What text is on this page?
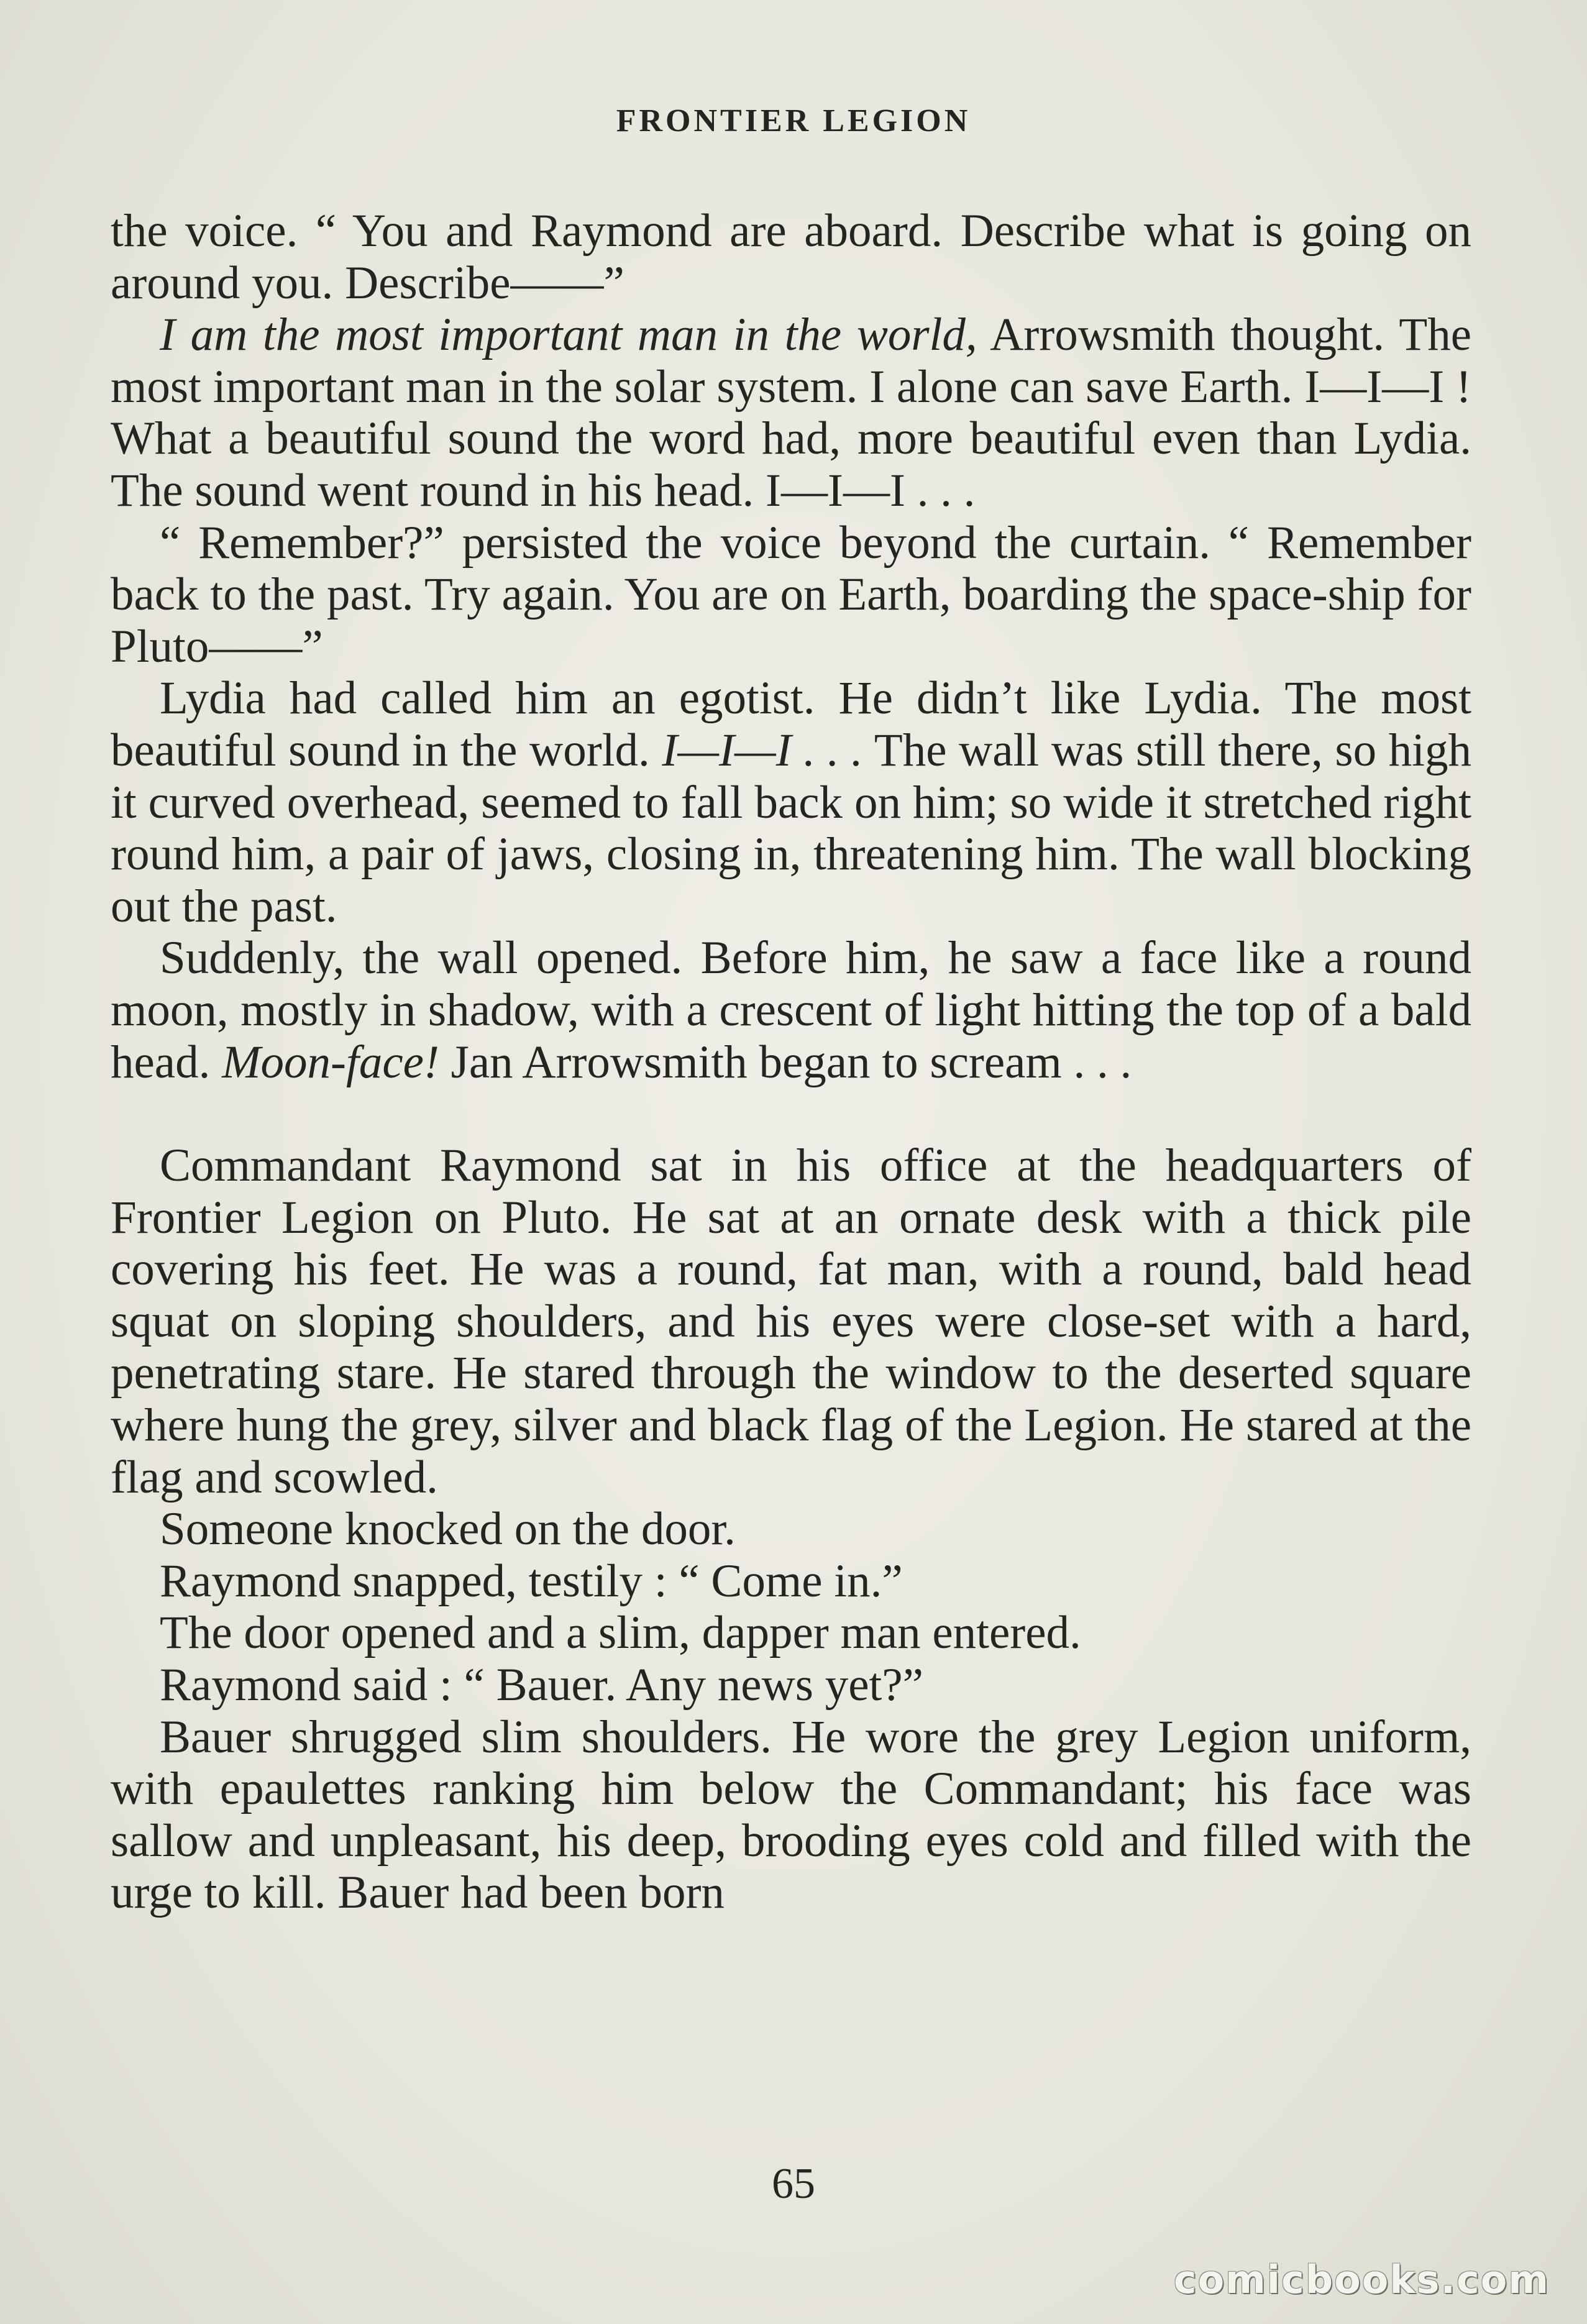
FRONTIER LEGION

the voice. “ You and Raymond are aboard. Describe what is going on around you. Describe——”

I am the most important man in the world, Arrowsmith thought. The most important man in the solar system. I alone can save Earth. I—I—I ! What a beautiful sound the word had, more beautiful even than Lydia. The sound went round in his head. I—I—I . . .

“ Remember?” persisted the voice beyond the curtain. “ Remember back to the past. Try again. You are on Earth, boarding the space-ship for Pluto——”

Lydia had called him an egotist. He didn’t like Lydia. The most beautiful sound in the world. I—I—I . . . The wall was still there, so high it curved overhead, seemed to fall back on him; so wide it stretched right round him, a pair of jaws, closing in, threatening him. The wall blocking out the past.

Suddenly, the wall opened. Before him, he saw a face like a round moon, mostly in shadow, with a crescent of light hitting the top of a bald head. Moon-face! Jan Arrowsmith began to scream . . .

Commandant Raymond sat in his office at the headquarters of Frontier Legion on Pluto. He sat at an ornate desk with a thick pile covering his feet. He was a round, fat man, with a round, bald head squat on sloping shoulders, and his eyes were close-set with a hard, penetrating stare. He stared through the window to the deserted square where hung the grey, silver and black flag of the Legion. He stared at the flag and scowled.

Someone knocked on the door.

Raymond snapped, testily : “ Come in.”

The door opened and a slim, dapper man entered.

Raymond said : “ Bauer. Any news yet?”

Bauer shrugged slim shoulders. He wore the grey Legion uniform, with epaulettes ranking him below the Commandant; his face was sallow and unpleasant, his deep, brooding eyes cold and filled with the urge to kill. Bauer had been born

65
comicbooks.com
